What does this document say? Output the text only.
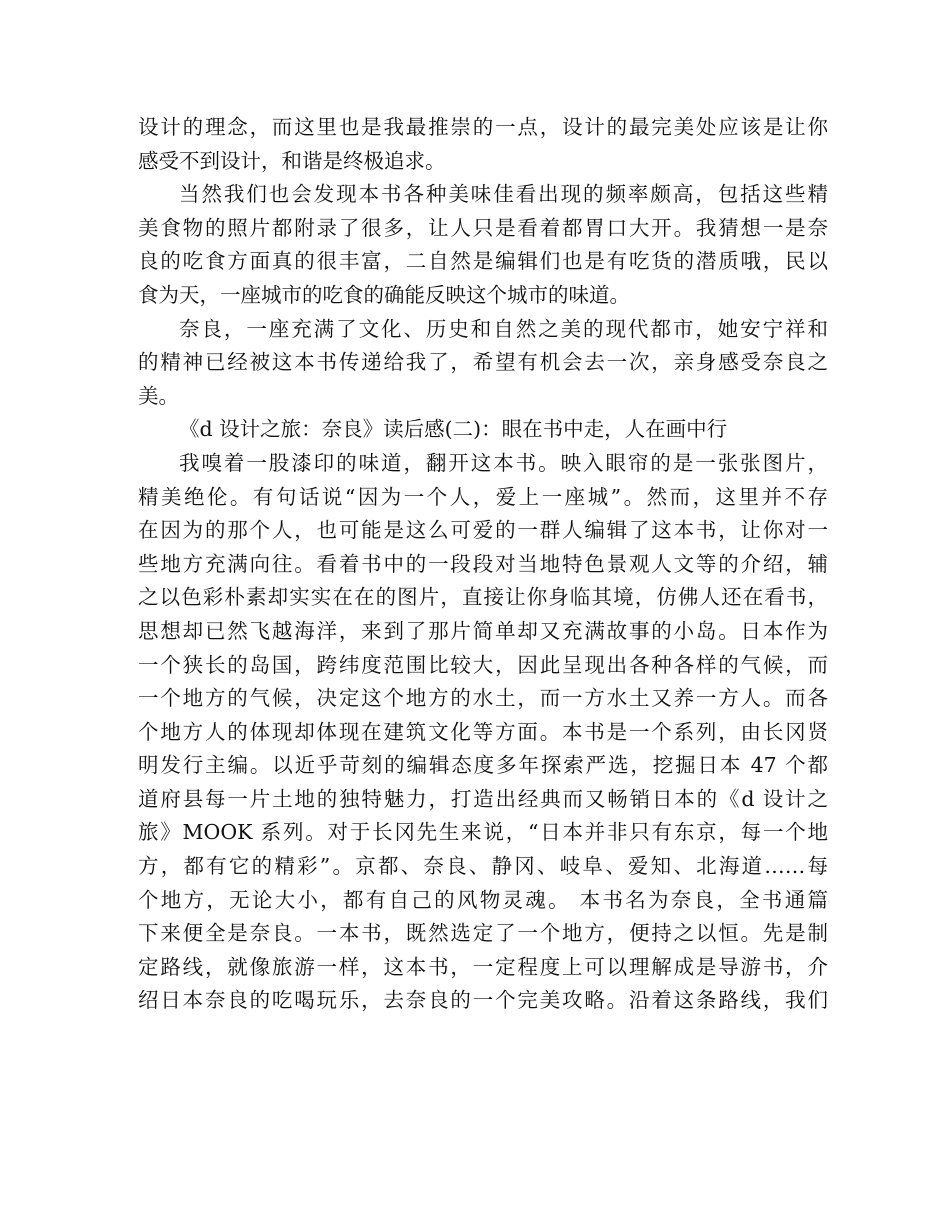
设计的理念，而这里也是我最推崇的一点，设计的最完美处应该是让你
感受不到设计，和谐是终极追求。
当然我们也会发现本书各种美味佳看出现的频率颇高，包括这些精
美食物的照片都附录了很多，让人只是看着都胃口大开。我猜想一是奈
良的吃食方面真的很丰富，二自然是编辑们也是有吃货的潜质哦，民以
食为天，一座城市的吃食的确能反映这个城市的味道。
奈良，一座充满了文化、历史和自然之美的现代都市，她安宁祥和
的精神已经被这本书传递给我了，希望有机会去一次，亲身感受奈良之
美。
《d 设计之旅：奈良》读后感(二)：眼在书中走，人在画中行
我嗅着一股漆印的味道，翻开这本书。映入眼帘的是一张张图片，
精美绝伦。有句话说“因为一个人，爱上一座城”。然而，这里并不存
在因为的那个人，也可能是这么可爱的一群人编辑了这本书，让你对一
些地方充满向往。看着书中的一段段对当地特色景观人文等的介绍，辅
之以色彩朴素却实实在在的图片，直接让你身临其境，仿佛人还在看书，
思想却已然飞越海洋，来到了那片简单却又充满故事的小岛。日本作为
一个狭长的岛国，跨纬度范围比较大，因此呈现出各种各样的气候，而
一个地方的气候，决定这个地方的水土，而一方水土又养一方人。而各
个地方人的体现却体现在建筑文化等方面。本书是一个系列，由长冈贤
明发行主编。以近乎苛刻的编辑态度多年探索严选，挖掘日本 47 个都
道府县每一片土地的独特魅力，打造出经典而又畅销日本的《d 设计之
旅》MOOK 系列。对于长冈先生来说，“日本并非只有东京，每一个地
方，都有它的精彩”。京都、奈良、静冈、岐阜、爱知、北海道……每
个地方，无论大小，都有自己的风物灵魂。 本书名为奈良，全书通篇
下来便全是奈良。一本书，既然选定了一个地方，便持之以恒。先是制
定路线，就像旅游一样，这本书，一定程度上可以理解成是导游书，介
绍日本奈良的吃喝玩乐，去奈良的一个完美攻略。沿着这条路线，我们
